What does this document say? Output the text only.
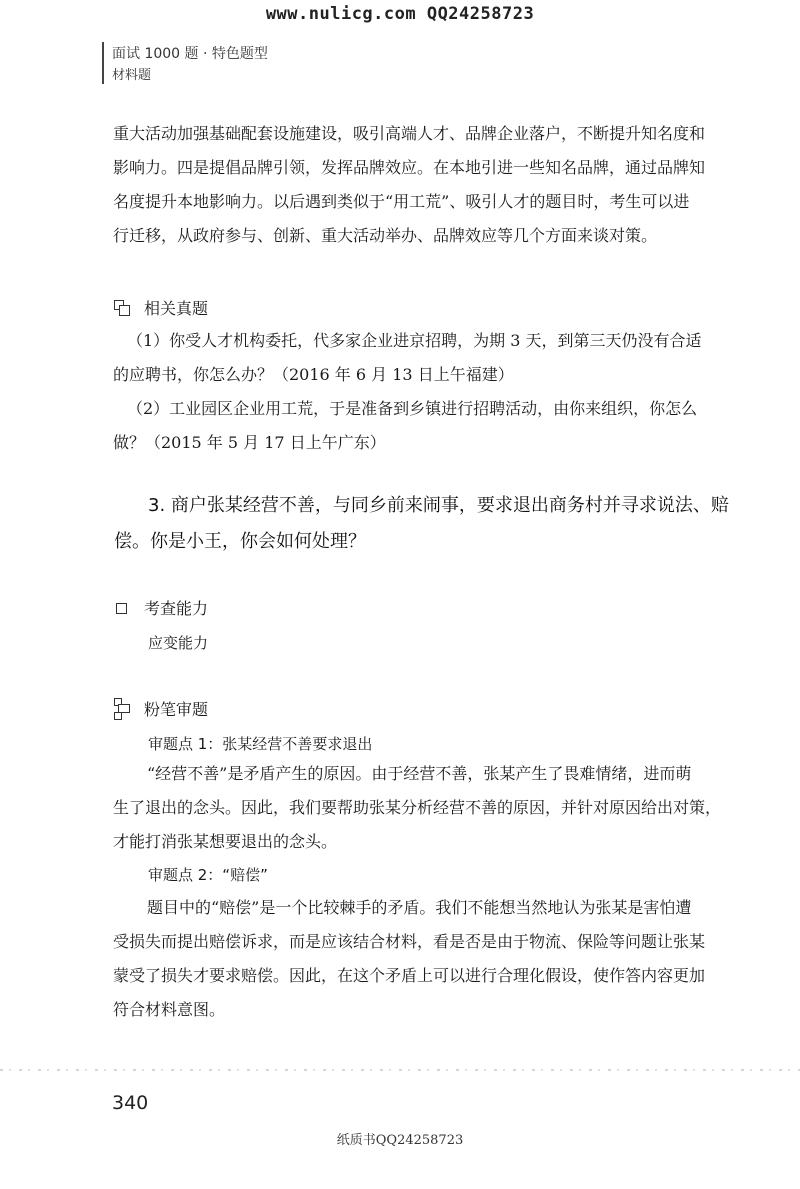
www.nulicg.com QQ24258723
面试 1000 题 · 特色题型
材料题
重大活动加强基础配套设施建设，吸引高端人才、品牌企业落户，不断提升知名度和
影响力。四是提倡品牌引领，发挥品牌效应。在本地引进一些知名品牌，通过品牌知
名度提升本地影响力。以后遇到类似于“用工荒”、吸引人才的题目时，考生可以进
行迁移，从政府参与、创新、重大活动举办、品牌效应等几个方面来谈对策。
相关真题
（1）你受人才机构委托，代多家企业进京招聘，为期 3 天，到第三天仍没有合适
的应聘书，你怎么办？（2016 年 6 月 13 日上午福建）
（2）工业园区企业用工荒，于是准备到乡镇进行招聘活动，由你来组织，你怎么
做？（2015 年 5 月 17 日上午广东）
3. 商户张某经营不善，与同乡前来闹事，要求退出商务村并寻求说法、赔
偿。你是小王，你会如何处理？
考查能力
应变能力
粉笔审题
审题点 1：张某经营不善要求退出
“经营不善”是矛盾产生的原因。由于经营不善，张某产生了畏难情绪，进而萌
生了退出的念头。因此，我们要帮助张某分析经营不善的原因，并针对原因给出对策，
才能打消张某想要退出的念头。
审题点 2：“赔偿”
题目中的“赔偿”是一个比较棘手的矛盾。我们不能想当然地认为张某是害怕遭
受损失而提出赔偿诉求，而是应该结合材料，看是否是由于物流、保险等问题让张某
蒙受了损失才要求赔偿。因此，在这个矛盾上可以进行合理化假设，使作答内容更加
符合材料意图。
340
纸质书QQ24258723
